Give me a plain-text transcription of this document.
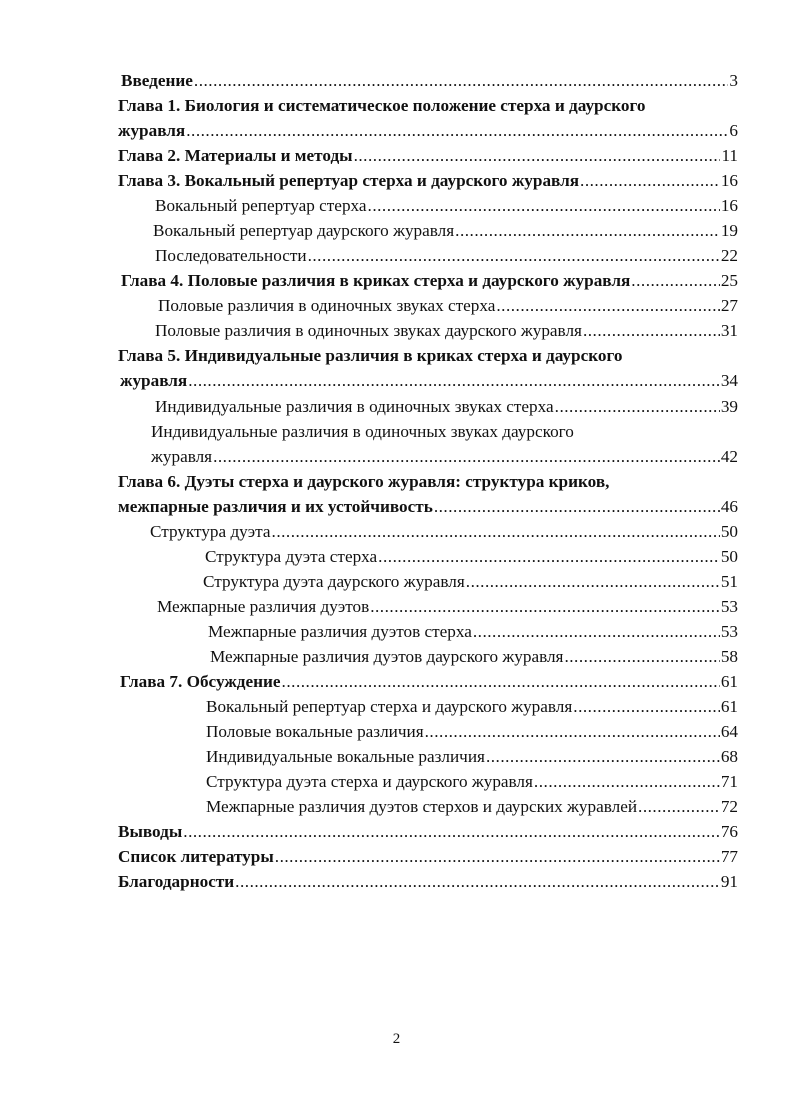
Введение .....	3
Глава 1. Биология и систематическое положение стерха и даурского
журавля .....	6
Глава 2. Материалы и методы .....	11
Глава 3. Вокальный репертуар стерха и даурского журавля .....	16
Вокальный репертуар стерха .....	16
Вокальный репертуар даурского журавля .....	19
Последовательности .....	22
Глава 4. Половые различия в криках стерха и даурского журавля .....	25
Половые различия в одиночных звуках стерха .....	27
Половые различия в одиночных звуках даурского журавля .....	31
Глава 5. Индивидуальные различия в криках стерха и даурского
журавля .....	34
Индивидуальные различия в одиночных звуках стерха .....	39
Индивидуальные различия в одиночных звуках даурского
журавля .....	42
Глава 6. Дуэты стерха и даурского журавля: структура криков,
межпарные различия и их устойчивость .....	46
Структура дуэта .....	50
Структура дуэта стерха .....	50
Структура дуэта даурского журавля .....	51
Межпарные различия дуэтов .....	53
Межпарные различия дуэтов стерха .....	53
Межпарные различия дуэтов даурского журавля .....	58
Глава 7. Обсуждение .....	61
Вокальный репертуар стерха и даурского журавля .....	61
Половые вокальные различия .....	64
Индивидуальные вокальные различия .....	68
Структура дуэта стерха и даурского журавля .....	71
Межпарные различия дуэтов стерхов и даурских журавлей .....	72
Выводы .....	76
Список литературы .....	77
Благодарности .....	91
2
